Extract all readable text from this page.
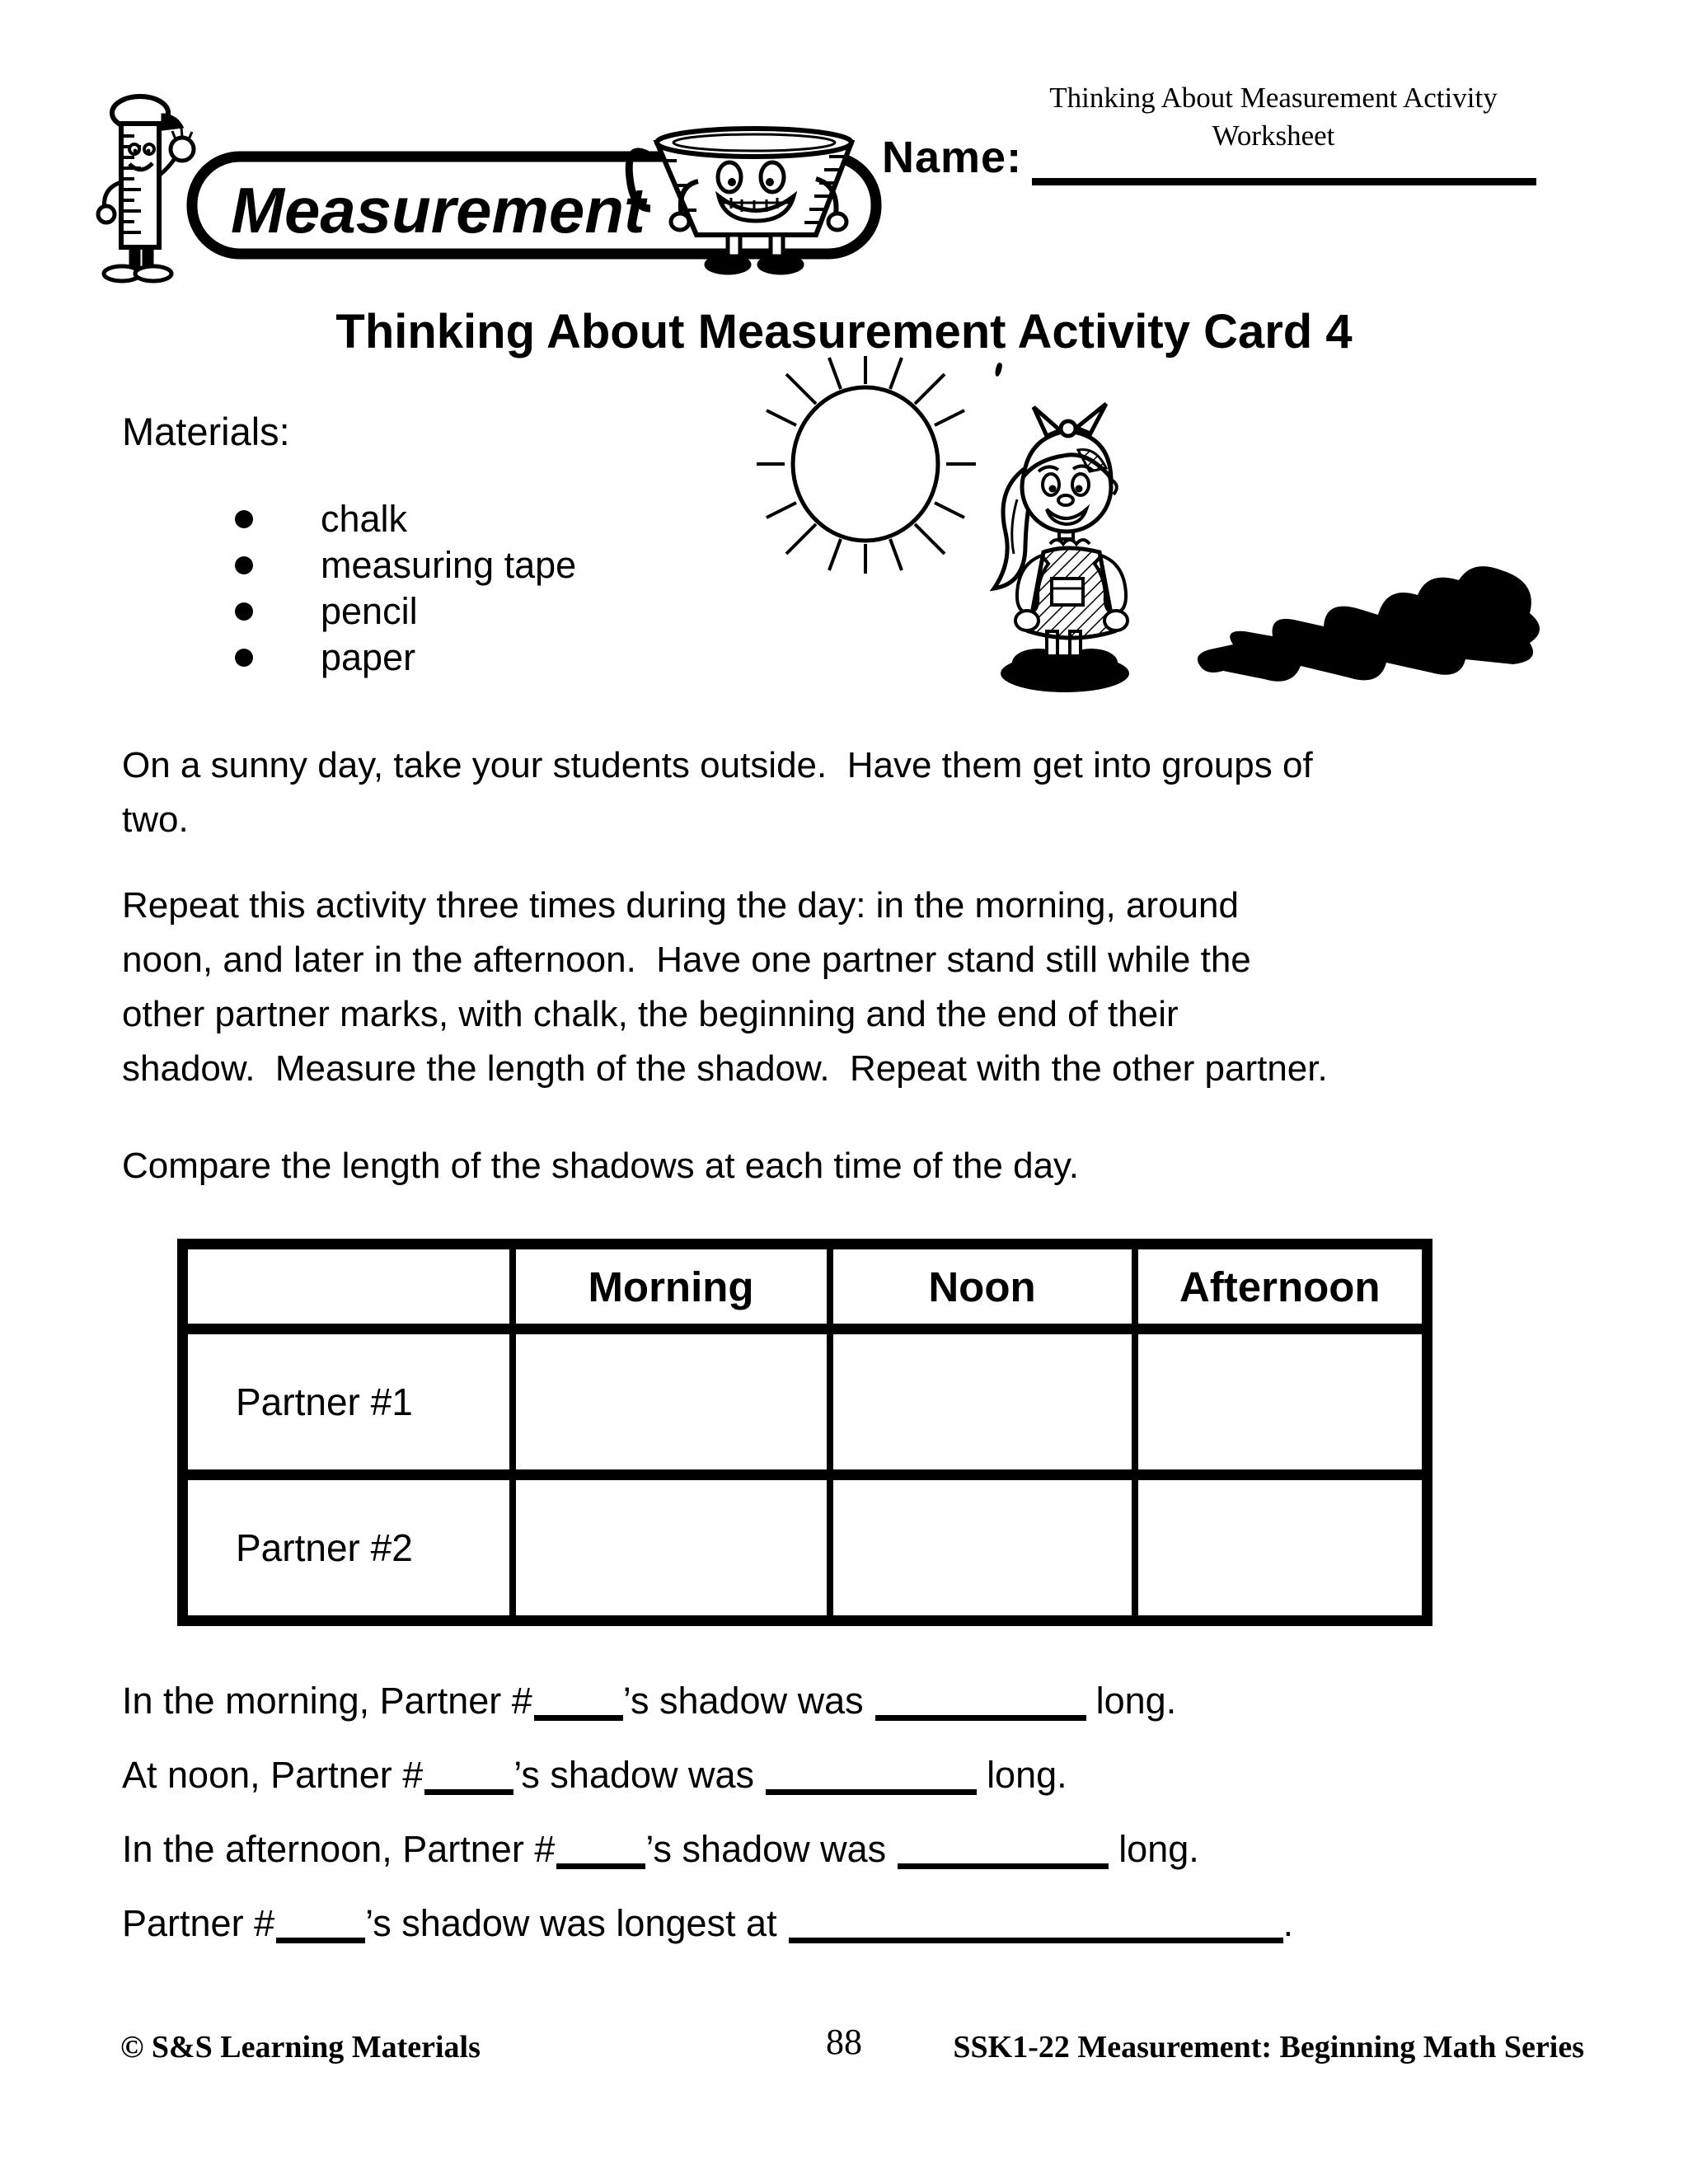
Measurement
Thinking About Measurement Activity
Worksheet
Name:
Thinking About Measurement Activity Card 4
Materials:
chalk
measuring tape
pencil
paper
On a sunny day, take your students outside.  Have them get into groups of
two.
Repeat this activity three times during the day: in the morning, around
noon, and later in the afternoon.  Have one partner stand still while the
other partner marks, with chalk, the beginning and the end of their
shadow.  Measure the length of the shadow.  Repeat with the other partner.
Compare the length of the shadows at each time of the day.
	Morning	Noon	Afternoon
Partner #1			
Partner #2			
In the morning, Partner # ’s shadow was	long.
At noon, Partner # ’s shadow was	long.
In the afternoon, Partner # ’s shadow was	long.
Partner # ’s shadow was longest at	.
© S&S Learning Materials	88	SSK1-22 Measurement: Beginning Math Series
